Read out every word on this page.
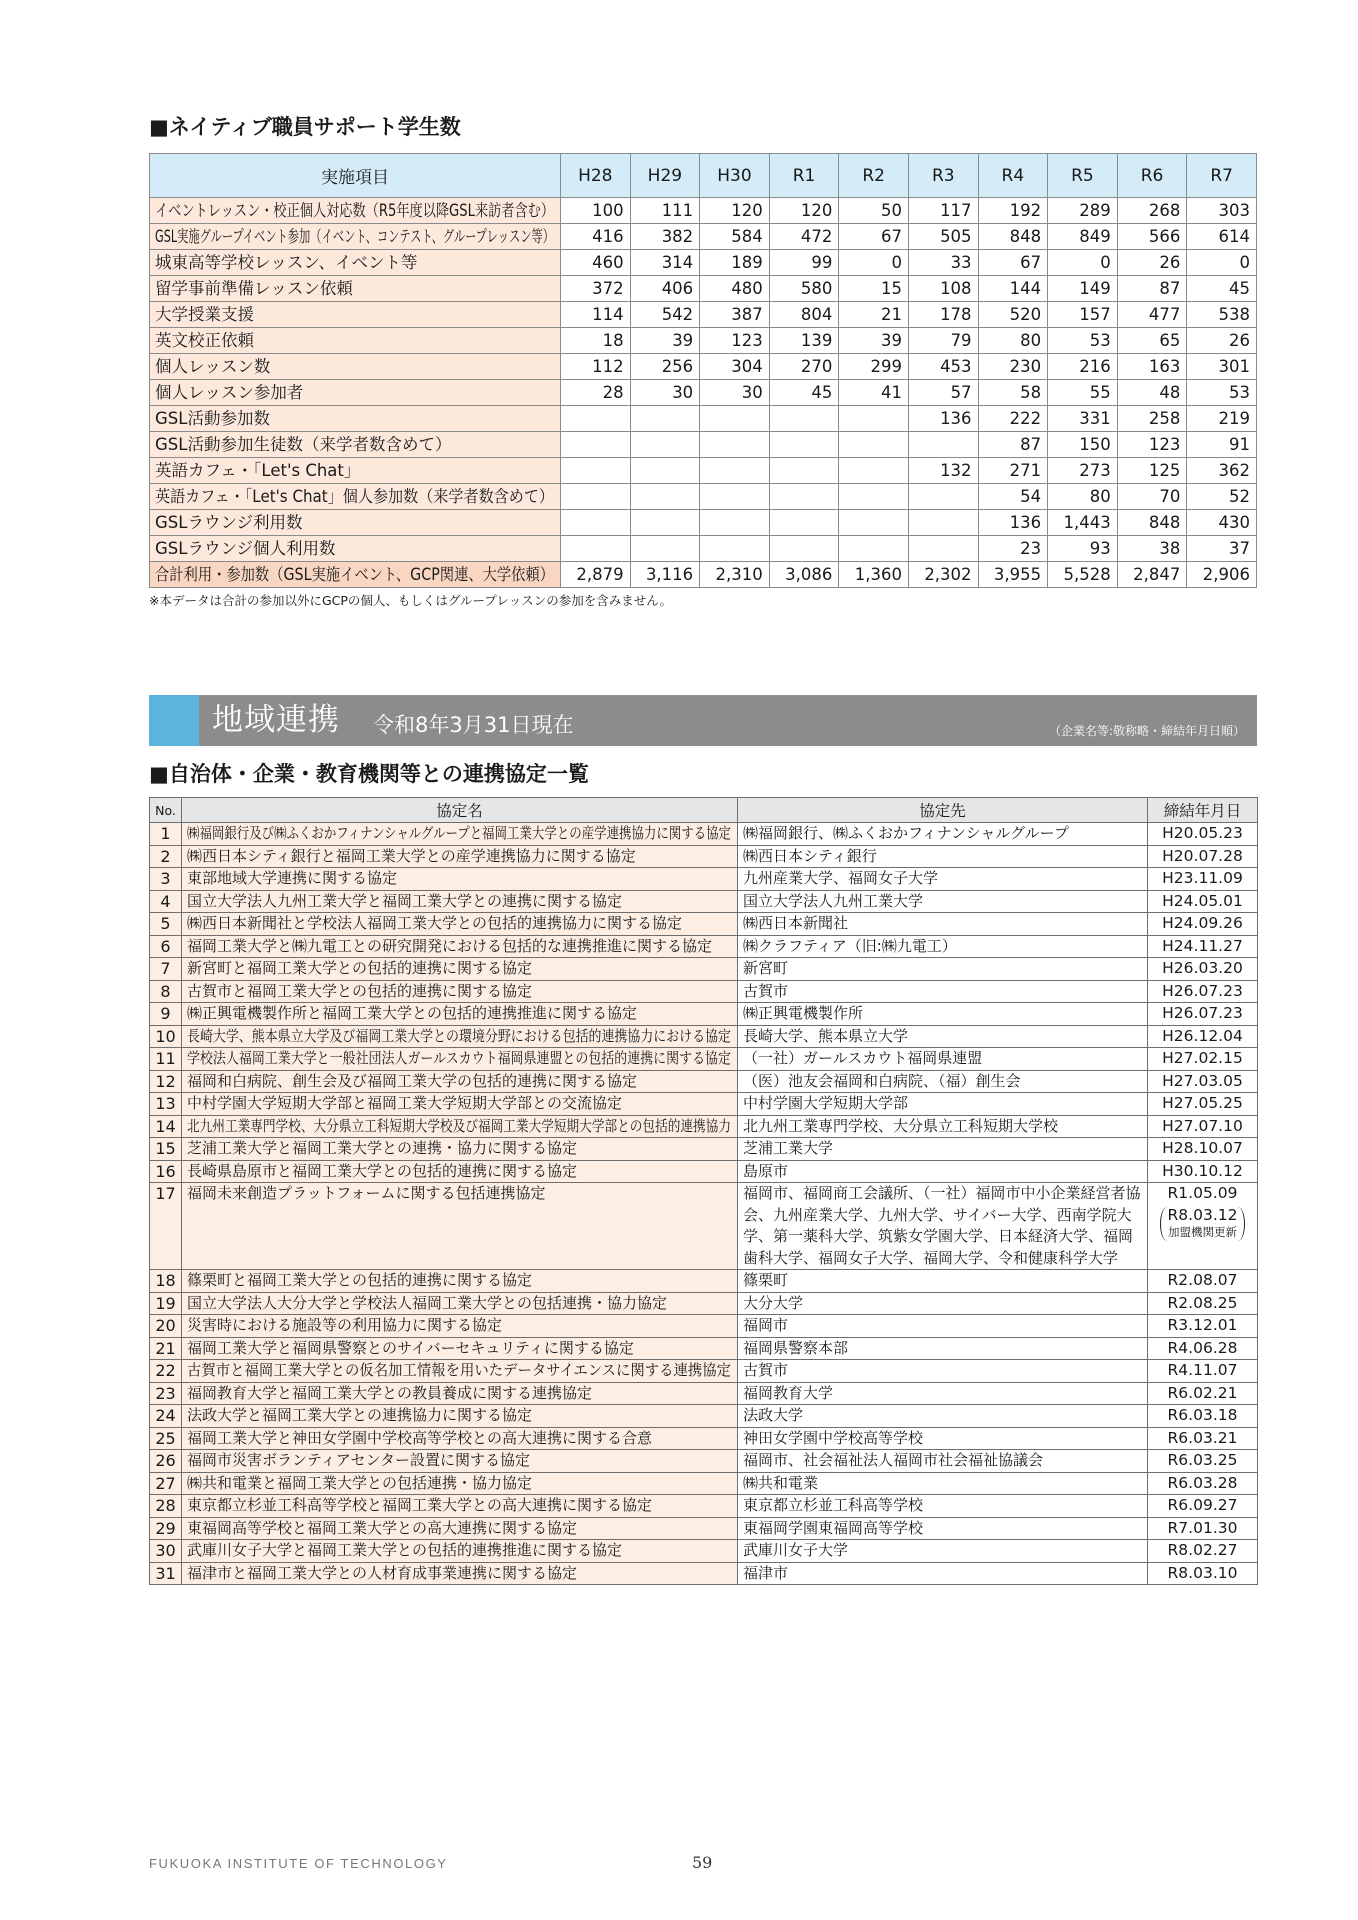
■ネイティブ職員サポート学生数
実施項目	H28	H29	H30	R1	R2	R3	R4	R5	R6	R7
イベントレッスン・校正個人対応数（R5年度以降GSL来訪者含む）	100	111	120	120	50	117	192	289	268	303
GSL実施グループイベント参加（イベント、コンテスト、グループレッスン等）	416	382	584	472	67	505	848	849	566	614
城東高等学校レッスン、イベント等	460	314	189	99	0	33	67	0	26	0
留学事前準備レッスン依頼	372	406	480	580	15	108	144	149	87	45
大学授業支援	114	542	387	804	21	178	520	157	477	538
英文校正依頼	18	39	123	139	39	79	80	53	65	26
個人レッスン数	112	256	304	270	299	453	230	216	163	301
個人レッスン参加者	28	30	30	45	41	57	58	55	48	53
GSL活動参加数						136	222	331	258	219
GSL活動参加生徒数（来学者数含めて）							87	150	123	91
英語カフェ・「Let's Chat」						132	271	273	125	362
英語カフェ・「Let's Chat」個人参加数（来学者数含めて）							54	80	70	52
GSLラウンジ利用数							136	1,443	848	430
GSLラウンジ個人利用数							23	93	38	37
合計利用・参加数（GSL実施イベント、GCP関連、大学依頼）	2,879	3,116	2,310	3,086	1,360	2,302	3,955	5,528	2,847	2,906
※本データは合計の参加以外にGCPの個人、もしくはグループレッスンの参加を含みません。
地域連携 令和8年3月31日現在	（企業名等:敬称略・締結年月日順）
■自治体・企業・教育機関等との連携協定一覧
No.	協定名	協定先	締結年月日
1	㈱福岡銀行及び㈱ふくおかフィナンシャルグループと福岡工業大学との産学連携協力に関する協定	㈱福岡銀行、㈱ふくおかフィナンシャルグループ	H20.05.23

2	㈱西日本シティ銀行と福岡工業大学との産学連携協力に関する協定	㈱西日本シティ銀行	H20.07.28

3	東部地域大学連携に関する協定	九州産業大学、福岡女子大学	H23.11.09

4	国立大学法人九州工業大学と福岡工業大学との連携に関する協定	国立大学法人九州工業大学	H24.05.01

5	㈱西日本新聞社と学校法人福岡工業大学との包括的連携協力に関する協定	㈱西日本新聞社	H24.09.26

6	福岡工業大学と㈱九電工との研究開発における包括的な連携推進に関する協定	㈱クラフティア（旧:㈱九電工）	H24.11.27

7	新宮町と福岡工業大学との包括的連携に関する協定	新宮町	H26.03.20

8	古賀市と福岡工業大学との包括的連携に関する協定	古賀市	H26.07.23

9	㈱正興電機製作所と福岡工業大学との包括的連携推進に関する協定	㈱正興電機製作所	H26.07.23

10	長崎大学、熊本県立大学及び福岡工業大学との環境分野における包括的連携協力における協定	長崎大学、熊本県立大学	H26.12.04

11	学校法人福岡工業大学と一般社団法人ガールスカウト福岡県連盟との包括的連携に関する協定	（一社）ガールスカウト福岡県連盟	H27.02.15

12	福岡和白病院、創生会及び福岡工業大学の包括的連携に関する協定	（医）池友会福岡和白病院、（福）創生会	H27.03.05

13	中村学園大学短期大学部と福岡工業大学短期大学部との交流協定	中村学園大学短期大学部	H27.05.25

14	北九州工業専門学校、大分県立工科短期大学校及び福岡工業大学短期大学部との包括的連携協力	北九州工業専門学校、大分県立工科短期大学校	H27.07.10

15	芝浦工業大学と福岡工業大学との連携・協力に関する協定	芝浦工業大学	H28.10.07

16	長崎県島原市と福岡工業大学との包括的連携に関する協定	島原市	H30.10.12

17	福岡未来創造プラットフォームに関する包括連携協定	福岡市、福岡商工会議所、（一社）福岡市中小企業経営者協会、九州産業大学、九州大学、サイバー大学、西南学院大学、第一薬科大学、筑紫女学園大学、日本経済大学、福岡歯科大学、福岡女子大学、福岡大学、令和健康科学大学	R1.05.09
R8.03.12
加盟機関更新

18	篠栗町と福岡工業大学との包括的連携に関する協定	篠栗町	R2.08.07

19	国立大学法人大分大学と学校法人福岡工業大学との包括連携・協力協定	大分大学	R2.08.25

20	災害時における施設等の利用協力に関する協定	福岡市	R3.12.01

21	福岡工業大学と福岡県警察とのサイバーセキュリティに関する協定	福岡県警察本部	R4.06.28

22	古賀市と福岡工業大学との仮名加工情報を用いたデータサイエンスに関する連携協定	古賀市	R4.11.07

23	福岡教育大学と福岡工業大学との教員養成に関する連携協定	福岡教育大学	R6.02.21

24	法政大学と福岡工業大学との連携協力に関する協定	法政大学	R6.03.18

25	福岡工業大学と神田女学園中学校高等学校との高大連携に関する合意	神田女学園中学校高等学校	R6.03.21

26	福岡市災害ボランティアセンター設置に関する協定	福岡市、社会福祉法人福岡市社会福祉協議会	R6.03.25

27	㈱共和電業と福岡工業大学との包括連携・協力協定	㈱共和電業	R6.03.28

28	東京都立杉並工科高等学校と福岡工業大学との高大連携に関する協定	東京都立杉並工科高等学校	R6.09.27

29	東福岡高等学校と福岡工業大学との高大連携に関する協定	東福岡学園東福岡高等学校	R7.01.30

30	武庫川女子大学と福岡工業大学との包括的連携推進に関する協定	武庫川女子大学	R8.02.27

31	福津市と福岡工業大学との人材育成事業連携に関する協定	福津市	R8.03.10
FUKUOKA INSTITUTE OF TECHNOLOGY	59
